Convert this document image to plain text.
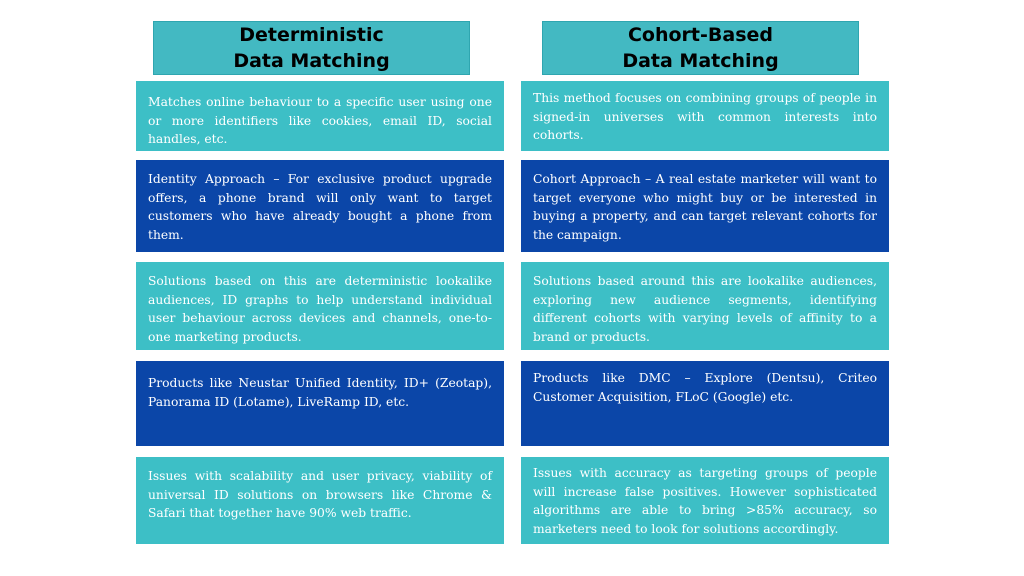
Deterministic
Data Matching
Cohort-Based
Data Matching
Matches online behaviour to a specific user using one or more identifiers like cookies, email ID, social handles, etc.
Identity Approach – For exclusive product upgrade offers, a phone brand will only want to target customers who have already bought a phone from them.
Solutions based on this are deterministic lookalike audiences, ID graphs to help understand individual user behaviour across devices and channels, one-to-one marketing products.
Products like Neustar Unified Identity, ID+ (Zeotap), Panorama ID (Lotame), LiveRamp ID, etc.
Issues with scalability and user privacy, viability of universal ID solutions on browsers like Chrome & Safari that together have 90% web traffic.
This method focuses on combining groups of people in signed-in universes with common interests into cohorts.
Cohort Approach – A real estate marketer will want to target everyone who might buy or be interested in buying a property, and can target relevant cohorts for the campaign.
Solutions based around this are lookalike audiences, exploring new audience segments, identifying different cohorts with varying levels of affinity to a brand or products.
Products like DMC – Explore (Dentsu), Criteo Customer Acquisition, FLoC (Google) etc.
Issues with accuracy as targeting groups of people will increase false positives. However sophisticated algorithms are able to bring >85% accuracy, so marketers need to look for solutions accordingly.
